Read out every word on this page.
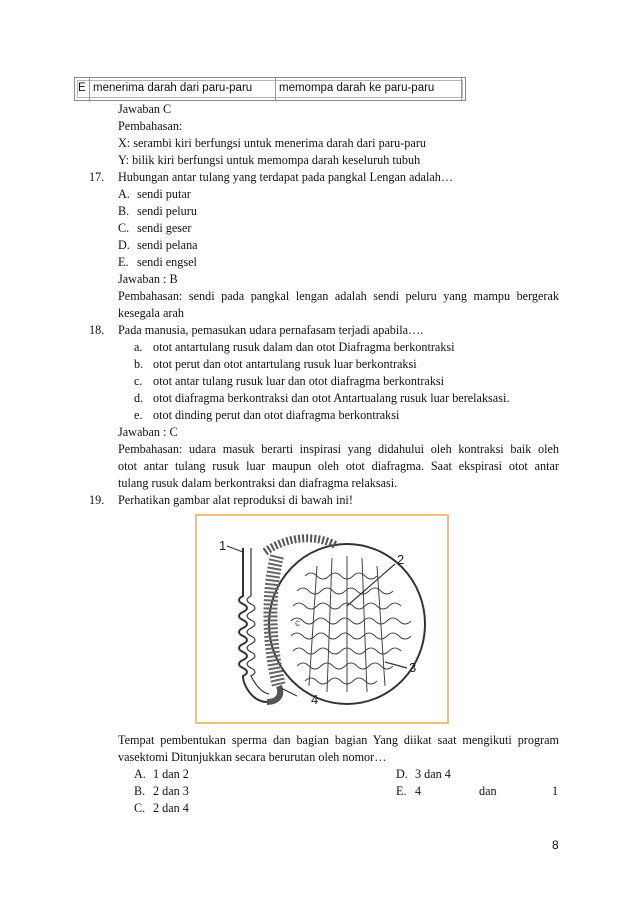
E menerima darah dari paru-paru memompa darah ke paru-paru
Jawaban C
Pembahasan:
X: serambi kiri berfungsi untuk menerima darah dari paru-paru
Y: bilik kiri berfungsi untuk memompa darah keseluruh tubuh
17. Hubungan antar tulang yang terdapat pada pangkal Lengan adalah…
A. sendi putar
B. sendi peluru
C. sendi geser
D. sendi pelana
E. sendi engsel
Jawaban : B
Pembahasan: sendi pada pangkal lengan adalah sendi peluru yang mampu bergerak
kesegala arah
18. Pada manusia, pemasukan udara pernafasam terjadi apabila….
a. otot antartulang rusuk dalam dan otot Diafragma berkontraksi
b. otot perut dan otot antartulang rusuk luar berkontraksi
c. otot antar tulang rusuk luar dan otot diafragma berkontraksi
d. otot diafragma berkontraksi dan otot Antartualang rusuk luar berelaksasi.
e. otot dinding perut dan otot diafragma berkontraksi
Jawaban : C
Pembahasan: udara masuk berarti inspirasi yang didahului oleh kontraksi baik oleh
otot antar tulang rusuk luar maupun oleh otot diafragma. Saat ekspirasi otot antar
tulang rusuk dalam berkontraksi dan diafragma relaksasi.
19. Perhatikan gambar alat reproduksi di bawah ini!
c
1
2
3
4
Tempat pembentukan sperma dan bagian bagian Yang diikat saat mengikuti program
vasektomi Ditunjukkan secara berurutan oleh nomor…
A. 1 dan 2
B. 2 dan 3
C. 2 dan 4
D. 3 dan 4
E. 4	dan	1
8
